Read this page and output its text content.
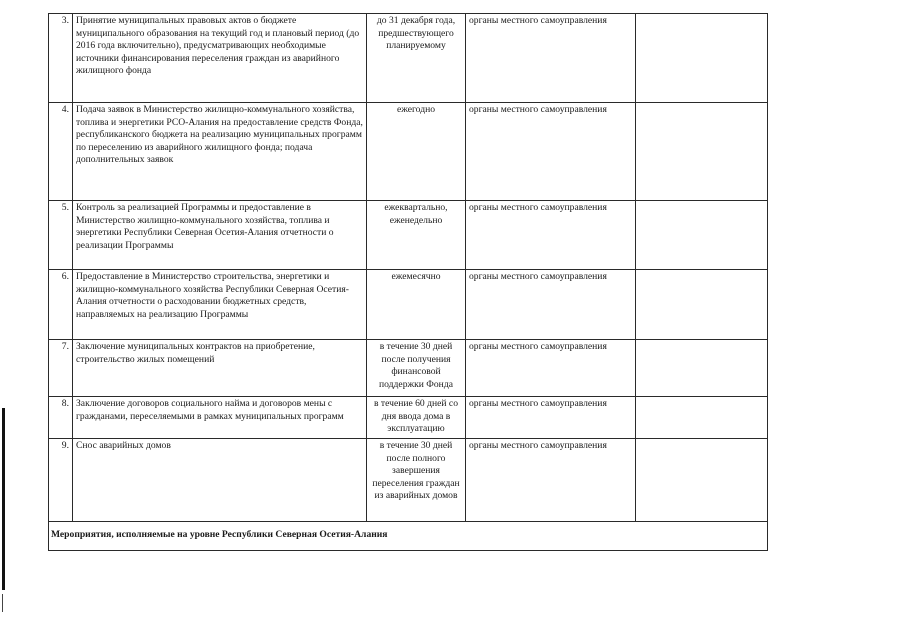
3.	Принятие муниципальных правовых актов о бюджете муниципального образования на текущий год и плановый период (до 2016 года включительно), предусматривающих необходимые источники финансирования переселения граждан из аварийного жилищного фонда	до 31 декабря года, предшествующего планируемому	органы местного самоуправления	
4.	Подача заявок в Министерство жилищно-коммунального хозяйства, топлива и энергетики РСО-Алания на предоставление средств Фонда, республиканского бюджета на реализацию муниципальных программ по переселению из аварийного жилищного фонда; подача дополнительных заявок	ежегодно	органы местного самоуправления	
5.	Контроль за реализацией Программы и предоставление в Министерство жилищно-коммунального хозяйства, топлива и энергетики Республики Северная Осетия-Алания отчетности о реализации Программы	ежеквартально, еженедельно	органы местного самоуправления	
6.	Предоставление в Министерство строительства, энергетики и жилищно-коммунального хозяйства Республики Северная Осетия-Алания отчетности о расходовании бюджетных средств, направляемых на реализацию Программы	ежемесячно	органы местного самоуправления	
7.	Заключение муниципальных контрактов на приобретение, строительство жилых помещений	в течение 30 дней после получения финансовой поддержки Фонда	органы местного самоуправления	
8.	Заключение договоров социального найма и договоров мены с гражданами, переселяемыми в рамках муниципальных программ	в течение 60 дней со дня ввода дома в эксплуатацию	органы местного самоуправления	
9.	Снос аварийных домов	в течение 30 дней после полного завершения переселения граждан из аварийных домов	органы местного самоуправления	
Мероприятия, исполняемые на уровне Республики Северная Осетия-Алания				
